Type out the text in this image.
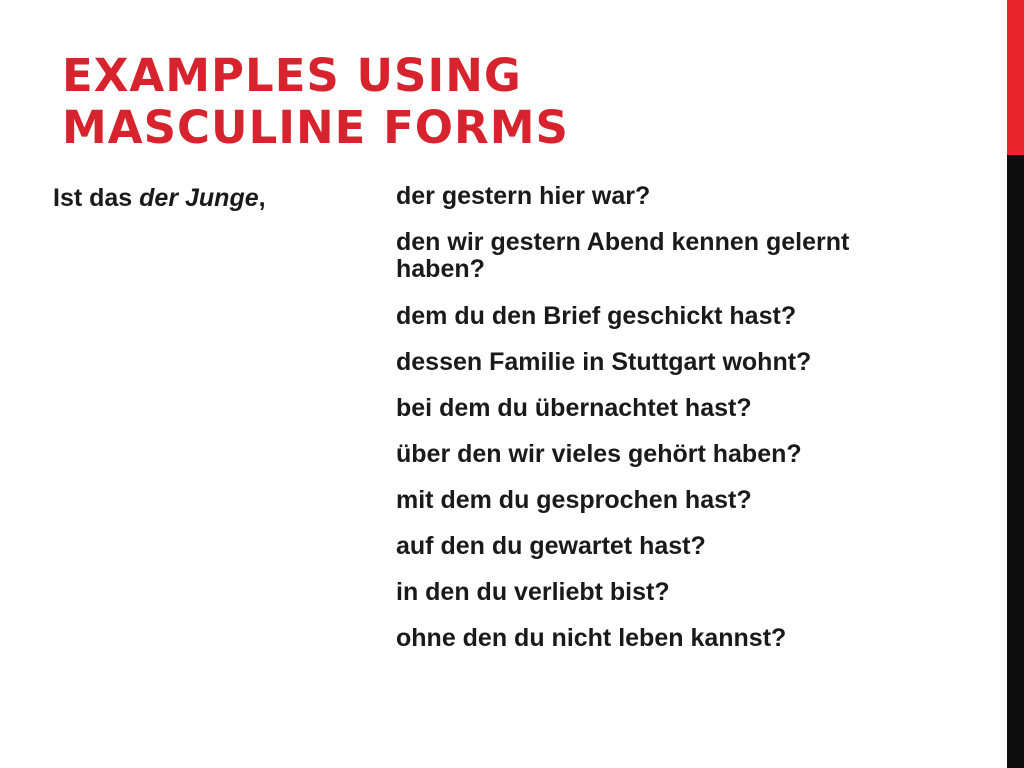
EXAMPLES USING
MASCULINE FORMS
Ist das der Junge,	der gestern hier war?
den wir gestern Abend kennen gelernt haben?
dem du den Brief geschickt hast?
dessen Familie in Stuttgart wohnt?
bei dem du übernachtet hast?
über den wir vieles gehört haben?
mit dem du gesprochen hast?
auf den du gewartet hast?
in den du verliebt bist?
ohne den du nicht leben kannst?
